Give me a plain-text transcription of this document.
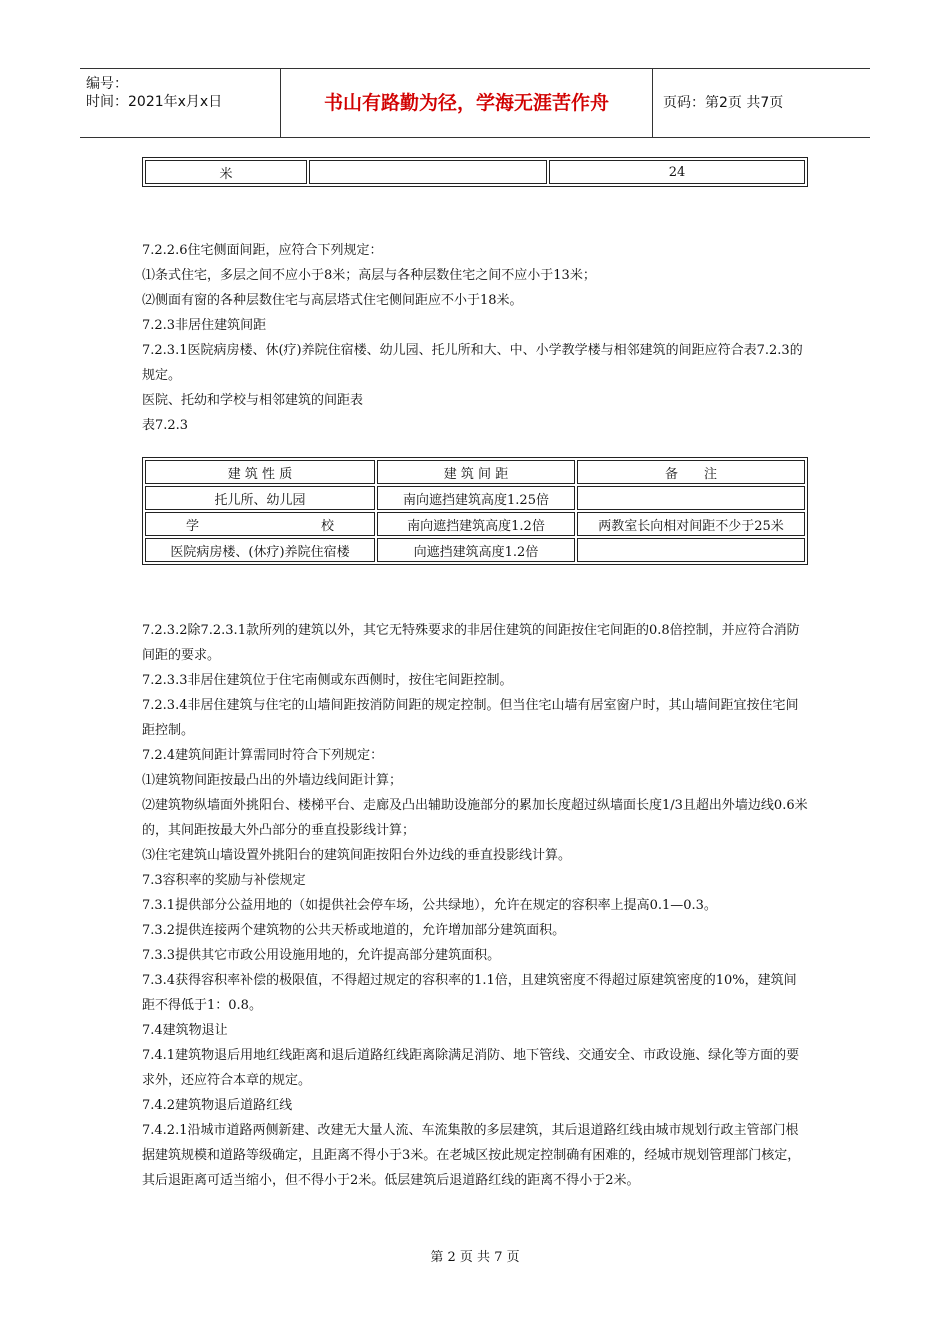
编号：
时间：2021年x月x日	书山有路勤为径，学海无涯苦作舟	页码：第2页 共7页
米		24

7.2.2.6住宅侧面间距，应符合下列规定：

⑴条式住宅，多层之间不应小于8米；高层与各种层数住宅之间不应小于13米；

⑵侧面有窗的各种层数住宅与高层塔式住宅侧间距应不小于18米。

7.2.3非居住建筑间距

7.2.3.1医院病房楼、休(疗)养院住宿楼、幼儿园、托儿所和大、中、小学教学楼与相邻建筑的间距应符合表7.2.3的规定。

医院、托幼和学校与相邻建筑的间距表

表7.2.3

建 筑 性 质	建 筑 间 距	备　　注
托儿所、幼儿园	南向遮挡建筑高度1.25倍	
学校	南向遮挡建筑高度1.2倍	两教室长向相对间距不少于25米
医院病房楼、(休疗)养院住宿楼	向遮挡建筑高度1.2倍	

7.2.3.2除7.2.3.1款所列的建筑以外，其它无特殊要求的非居住建筑的间距按住宅间距的0.8倍控制，并应符合消防间距的要求。

7.2.3.3非居住建筑位于住宅南侧或东西侧时，按住宅间距控制。

7.2.3.4非居住建筑与住宅的山墙间距按消防间距的规定控制。但当住宅山墙有居室窗户时，其山墙间距宜按住宅间距控制。

7.2.4建筑间距计算需同时符合下列规定：

⑴建筑物间距按最凸出的外墙边线间距计算；

⑵建筑物纵墙面外挑阳台、楼梯平台、走廊及凸出辅助设施部分的累加长度超过纵墙面长度1/3且超出外墙边线0.6米的，其间距按最大外凸部分的垂直投影线计算；

⑶住宅建筑山墙设置外挑阳台的建筑间距按阳台外边线的垂直投影线计算。

7.3容积率的奖励与补偿规定

7.3.1提供部分公益用地的（如提供社会停车场，公共绿地），允许在规定的容积率上提高0.1—0.3。

7.3.2提供连接两个建筑物的公共天桥或地道的，允许增加部分建筑面积。

7.3.3提供其它市政公用设施用地的，允许提高部分建筑面积。

7.3.4获得容积率补偿的极限值，不得超过规定的容积率的1.1倍，且建筑密度不得超过原建筑密度的10%，建筑间距不得低于1：0.8。

7.4建筑物退让

7.4.1建筑物退后用地红线距离和退后道路红线距离除满足消防、地下管线、交通安全、市政设施、绿化等方面的要求外，还应符合本章的规定。

7.4.2建筑物退后道路红线

7.4.2.1沿城市道路两侧新建、改建无大量人流、车流集散的多层建筑，其后退道路红线由城市规划行政主管部门根据建筑规模和道路等级确定，且距离不得小于3米。在老城区按此规定控制确有困难的，经城市规划管理部门核定，其后退距离可适当缩小，但不得小于2米。低层建筑后退道路红线的距离不得小于2米。

第 2 页 共 7 页
